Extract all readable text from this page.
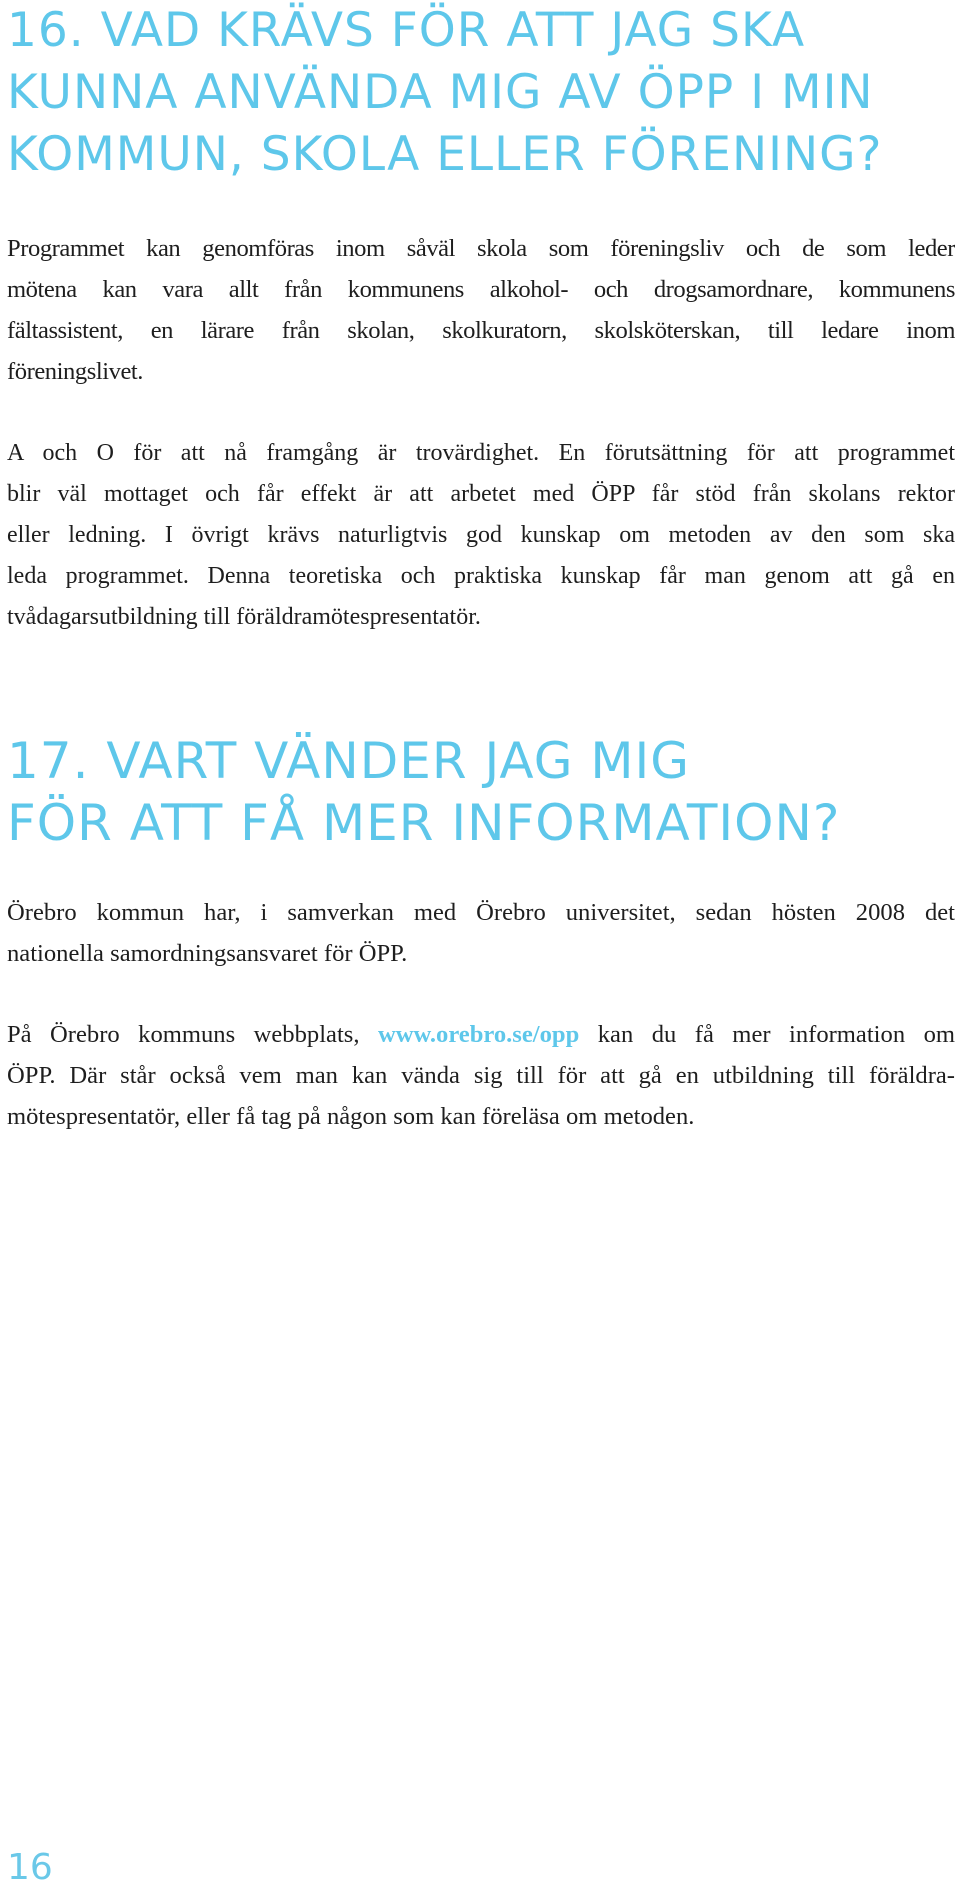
16. VAD KRÄVS FÖR ATT JAG SKA
KUNNA ANVÄNDA MIG AV ÖPP I MIN
KOMMUN, SKOLA ELLER FÖRENING?

Programmet kan genomföras inom såväl skola som föreningsliv och de som leder
mötena kan vara allt från kommunens alkohol- och drogsamordnare, kommunens
fältassistent, en lärare från skolan, skolkuratorn, skolsköterskan, till ledare inom
föreningslivet.

A och O för att nå framgång är trovärdighet. En förutsättning för att programmet
blir väl mottaget och får effekt är att arbetet med ÖPP får stöd från skolans rektor
eller ledning. I övrigt krävs naturligtvis god kunskap om metoden av den som ska
leda programmet. Denna teoretiska och praktiska kunskap får man genom att gå en
tvådagarsutbildning till föräldramötespresentatör.

17. VART VÄNDER JAG MIG
FÖR ATT FÅ MER INFORMATION?

Örebro kommun har, i samverkan med Örebro universitet, sedan hösten 2008 det
nationella samordningsansvaret för ÖPP.

På Örebro kommuns webbplats, www.orebro.se/opp kan du få mer information om
ÖPP. Där står också vem man kan vända sig till för att gå en utbildning till föräldra-
mötespresentatör, eller få tag på någon som kan föreläsa om metoden.

16
